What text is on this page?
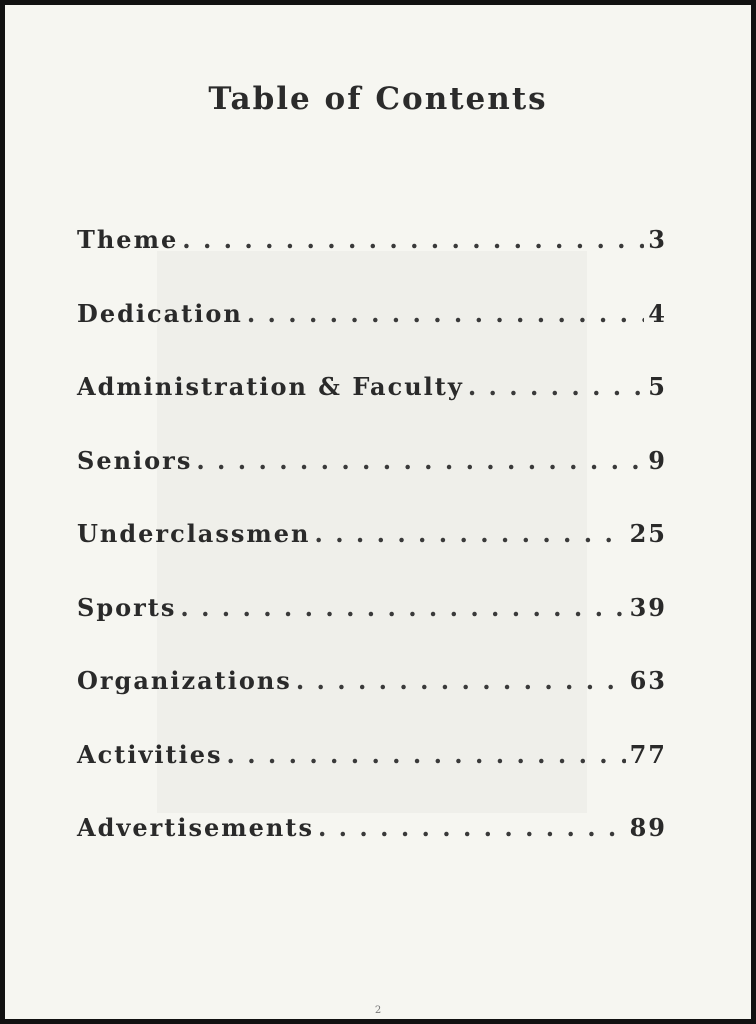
Table of Contents
Theme . . .	3
Dedication . . .	4
Administration & Faculty . . .	5
Seniors . . .	9
Underclassmen . . .	25
Sports . . .	39
Organizations . . .	63
Activities . . .	77
Advertisements . . .	89
2
